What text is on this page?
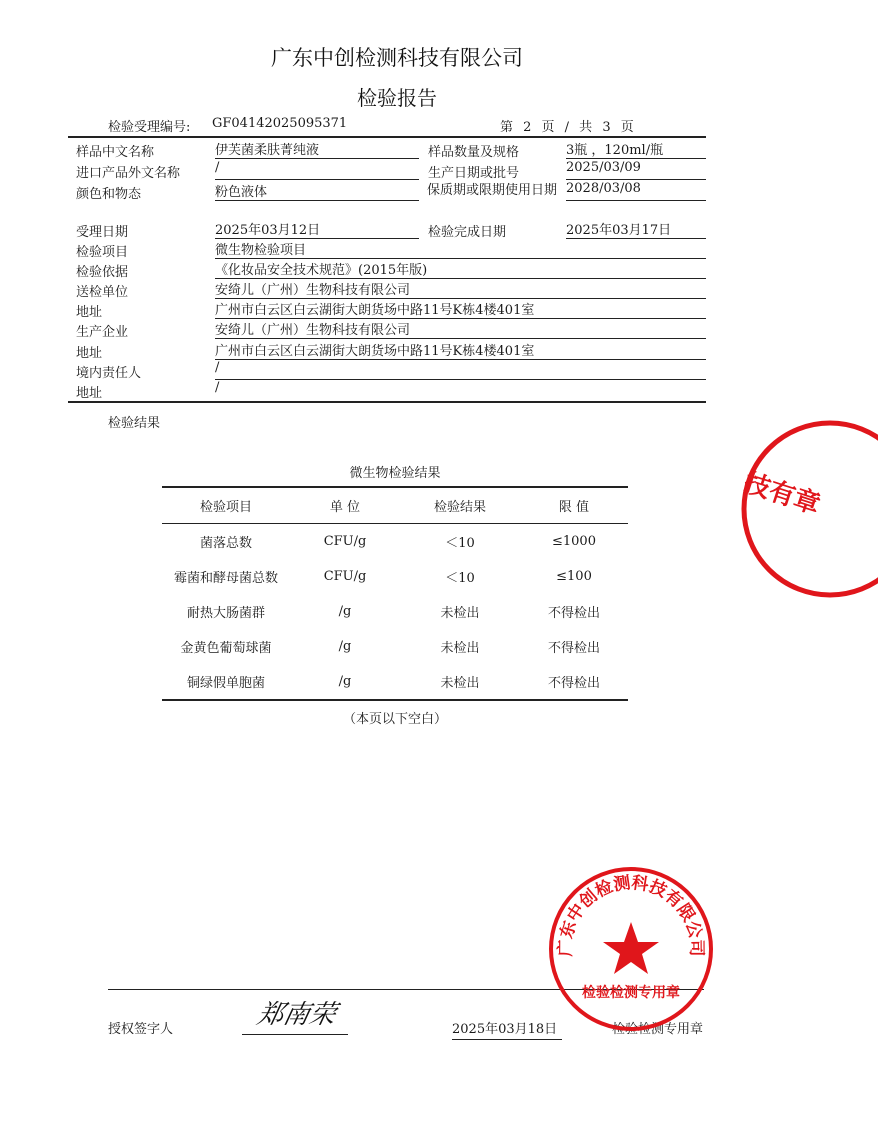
广东中创检测科技有限公司
检验报告
检验受理编号: GF04142025095371	第 2 页 / 共 3 页
样品中文名称	伊芙菌柔肤菁纯液	样品数量及规格	3瓶 ，120ml/瓶
进口产品外文名称	/	生产日期或批号	2025/03/09
颜色和物态	粉色液体	保质期或限期使用日期 2028/03/08
受理日期	2025年03月12日	检验完成日期	2025年03月17日
检验项目	微生物检验项目
检验依据	《化妆品安全技术规范》(2015年版)
送检单位	安绮儿（广州）生物科技有限公司
地址	广州市白云区白云湖街大朗货场中路11号K栋4楼401室
生产企业	安绮儿（广州）生物科技有限公司
地址	广州市白云区白云湖街大朗货场中路11号K栋4楼401室
境内责任人	/
地址	/
检验结果
微生物检验结果
检验项目	单 位	检验结果	限 值
菌落总数	CFU/g	＜10	≤1000
霉菌和酵母菌总数	CFU/g	＜10	≤100
耐热大肠菌群	/g	未检出	不得检出
金黄色葡萄球菌	/g	未检出	不得检出
铜绿假单胞菌	/g	未检出	不得检出
（本页以下空白）
技有章
授权签字人	郑南荣	2025年03月18日	检验检测专用章
广东中创检测科技有限公司
检验检测专用章
